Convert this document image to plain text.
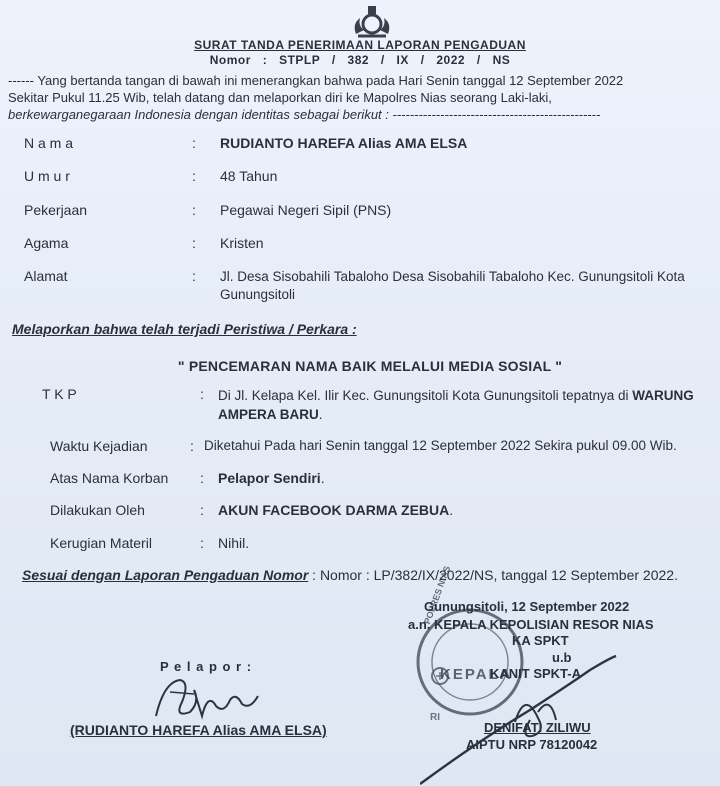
SURAT TANDA PENERIMAAN LAPORAN PENGADUAN
Nomor : STPLP / 382 / IX / 2022 / NS
------ Yang bertanda tangan di bawah ini menerangkan bahwa pada Hari Senin tanggal 12 September 2022
Sekitar Pukul 11.25 Wib, telah datang dan melaporkan diri ke Mapolres Nias seorang Laki-laki,
berkewarganegaraan Indonesia dengan identitas sebagai berikut : ------------------------------------------------
N a m a	: RUDIANTO HAREFA Alias AMA ELSA
U m u r	: 48 Tahun
Pekerjaan	: Pegawai Negeri Sipil (PNS)
Agama	: Kristen
Alamat	: Jl. Desa Sisobahili Tabaloho Desa Sisobahili Tabaloho Kec. Gunungsitoli Kota
Gunungsitoli
Melaporkan bahwa telah terjadi Peristiwa / Perkara :
" PENCEMARAN NAMA BAIK MELALUI MEDIA SOSIAL "
T K P	: Di Jl. Kelapa Kel. Ilir Kec. Gunungsitoli Kota Gunungsitoli tepatnya di WARUNG
AMPERA BARU.
Waktu Kejadian	: Diketahui Pada hari Senin tanggal 12 September 2022 Sekira pukul 09.00 Wib.
Atas Nama Korban : Pelapor Sendiri.
Dilakukan Oleh	: AKUN FACEBOOK DARMA ZEBUA.
Kerugian Materil	: Nihil.
Sesuai dengan Laporan Pengaduan Nomor : Nomor : LP/382/IX/2022/NS, tanggal 12 September 2022.
POLRES NIAS
KEPALA
RI
Gunungsitoli, 12 September 2022
a.n. KEPALA KEPOLISIAN RESOR NIAS
KA SPKT
u.b
KANIT SPKT-A
DENIFATI ZILIWU
AIPTU NRP 78120042
P e l a p o r :
(RUDIANTO HAREFA Alias AMA ELSA)
